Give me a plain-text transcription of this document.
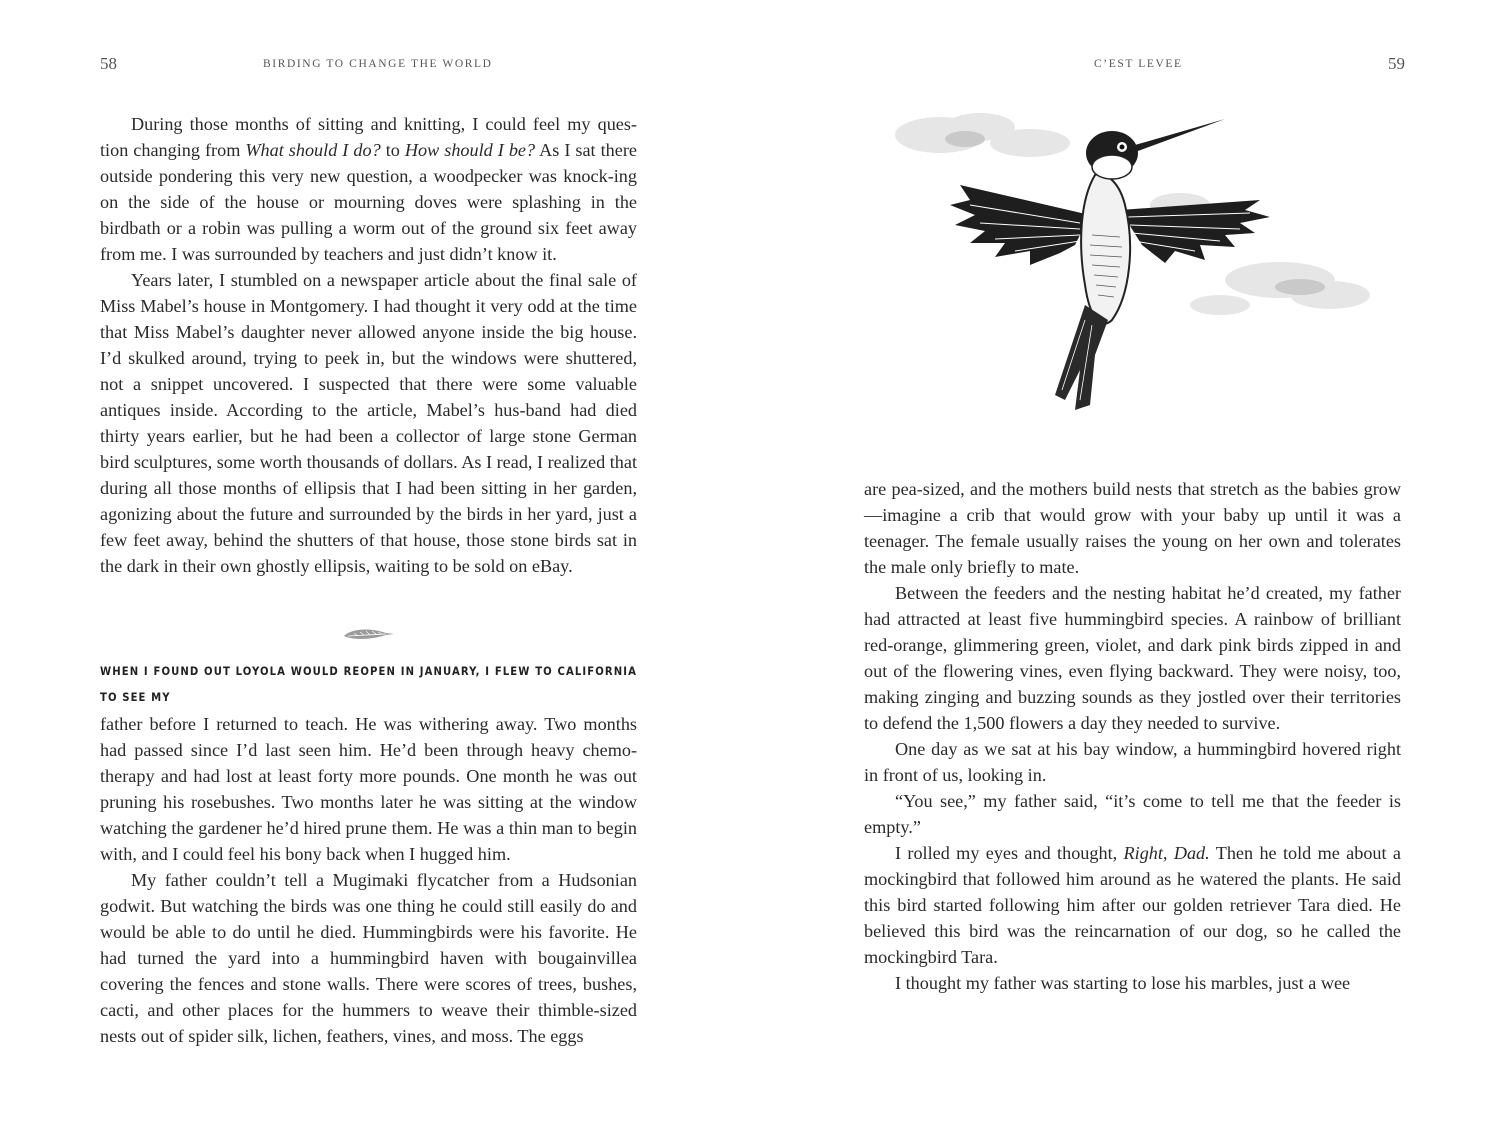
58	BIRDING TO CHANGE THE WORLD

During those months of sitting and knitting, I could feel my ques-tion changing from What should I do? to How should I be? As I sat there outside pondering this very new question, a woodpecker was knock-ing on the side of the house or mourning doves were splashing in the birdbath or a robin was pulling a worm out of the ground six feet away from me. I was surrounded by teachers and just didn’t know it.

Years later, I stumbled on a newspaper article about the final sale of Miss Mabel’s house in Montgomery. I had thought it very odd at the time that Miss Mabel’s daughter never allowed anyone inside the big house. I’d skulked around, trying to peek in, but the windows were shuttered, not a snippet uncovered. I suspected that there were some valuable antiques inside. According to the article, Mabel’s hus-band had died thirty years earlier, but he had been a collector of large stone German bird sculptures, some worth thousands of dollars. As I read, I realized that during all those months of ellipsis that I had been sitting in her garden, agonizing about the future and surrounded by the birds in her yard, just a few feet away, behind the shutters of that house, those stone birds sat in the dark in their own ghostly ellipsis, waiting to be sold on eBay.

WHEN I FOUND OUT LOYOLA WOULD REOPEN IN JANUARY, I FLEW TO CALIFORNIA TO SEE MY

father before I returned to teach. He was withering away. Two months had passed since I’d last seen him. He’d been through heavy chemo-therapy and had lost at least forty more pounds. One month he was out pruning his rosebushes. Two months later he was sitting at the window watching the gardener he’d hired prune them. He was a thin man to begin with, and I could feel his bony back when I hugged him.

My father couldn’t tell a Mugimaki flycatcher from a Hudsonian godwit. But watching the birds was one thing he could still easily do and would be able to do until he died. Hummingbirds were his favorite. He had turned the yard into a hummingbird haven with bougainvillea covering the fences and stone walls. There were scores of trees, bushes, cacti, and other places for the hummers to weave their thimble-sized nests out of spider silk, lichen, feathers, vines, and moss. The eggs

C’EST LEVEE	59

are pea-sized, and the mothers build nests that stretch as the babies grow—imagine a crib that would grow with your baby up until it was a teenager. The female usually raises the young on her own and tolerates the male only briefly to mate.

Between the feeders and the nesting habitat he’d created, my father had attracted at least five hummingbird species. A rainbow of brilliant red-orange, glimmering green, violet, and dark pink birds zipped in and out of the flowering vines, even flying backward. They were noisy, too, making zinging and buzzing sounds as they jostled over their territories to defend the 1,500 flowers a day they needed to survive.

One day as we sat at his bay window, a hummingbird hovered right in front of us, looking in.

“You see,” my father said, “it’s come to tell me that the feeder is empty.”

I rolled my eyes and thought, Right, Dad. Then he told me about a mockingbird that followed him around as he watered the plants. He said this bird started following him after our golden retriever Tara died. He believed this bird was the reincarnation of our dog, so he called the mockingbird Tara.

I thought my father was starting to lose his marbles, just a wee
